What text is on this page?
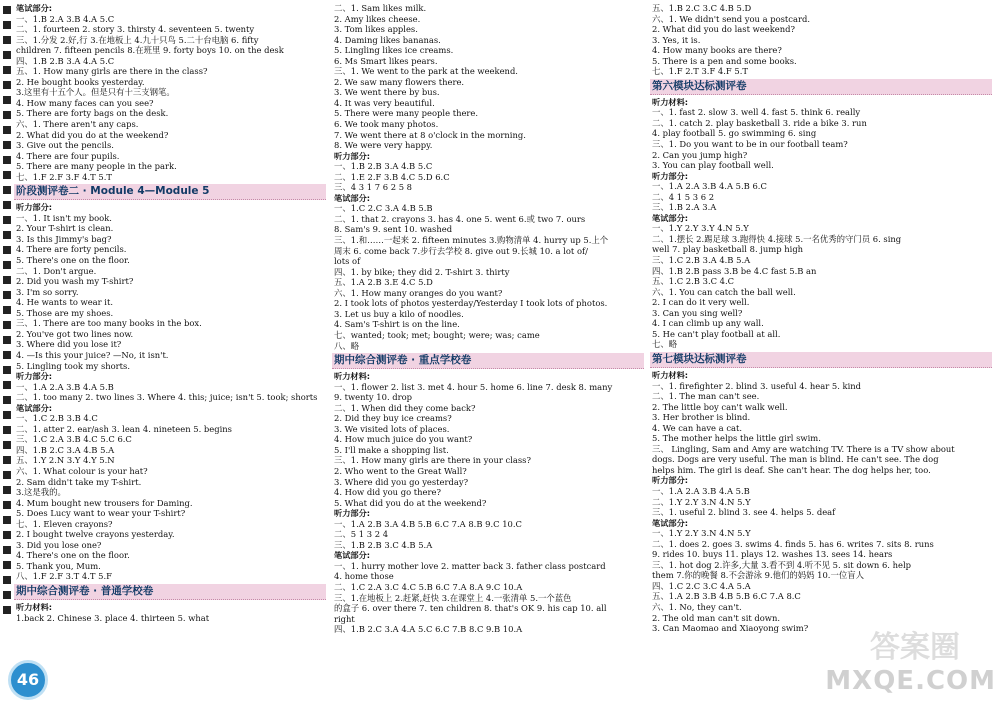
笔试部分:
一、1.B 2.A 3.B 4.A 5.C
二、1. fourteen 2. story 3. thirsty 4. seventeen 5. twenty
三、1.分发 2.好,行 3.在地板上 4.九十只鸟 5.二十台电脑 6. fifty
children 7. fifteen pencils 8.在班里 9. forty boys 10. on the desk
四、1.B 2.B 3.A 4.A 5.C
五、1. How many girls are there in the class?
2. He bought books yesterday.
3.这里有十五个人。但是只有十三支钢笔。
4. How many faces can you see?
5. There are forty bags on the desk.
六、1. There aren't any caps.
2. What did you do at the weekend?
3. Give out the pencils.
4. There are four pupils.
5. There are many people in the park.
七、1.F 2.F 3.F 4.T 5.T
阶段测评卷二 · Module 4—Module 5
听力部分:
一、1. It isn't my book.
2. Your T-shirt is clean.
3. Is this Jimmy's bag?
4. There are forty pencils.
5. There's one on the floor.
二、1. Don't argue.
2. Did you wash my T-shirt?
3. I'm so sorry.
4. He wants to wear it.
5. Those are my shoes.
三、1. There are too many books in the box.
2. You've got two lines now.
3. Where did you lose it?
4. —Is this your juice? —No, it isn't.
5. Lingling took my shorts.
听力部分:
一、1.A 2.A 3.B 4.A 5.B
二、1. too many 2. two lines 3. Where 4. this; juice; isn't 5. took; shorts
笔试部分:
一、1.C 2.B 3.B 4.C
二、1. atter 2. ear/ash 3. lean 4. nineteen 5. begins
三、1.C 2.A 3.B 4.C 5.C 6.C
四、1.B 2.C 3.A 4.B 5.A
五、1.Y 2.N 3.Y 4.Y 5.N
六、1. What colour is your hat?
2. Sam didn't take my T-shirt.
3.这是我的。
4. Mum bought new trousers for Daming.
5. Does Lucy want to wear your T-shirt?
七、1. Eleven crayons?
2. I bought twelve crayons yesterday.
3. Did you lose one?
4. There's one on the floor.
5. Thank you, Mum.
八、1.F 2.F 3.T 4.T 5.F
期中综合测评卷 · 普通学校卷
听力材料:
1.back 2. Chinese 3. place 4. thirteen 5. what
二、1. Sam likes milk.
2. Amy likes cheese.
3. Tom likes apples.
4. Daming likes bananas.
5. Lingling likes ice creams.
6. Ms Smart likes pears.
三、1. We went to the park at the weekend.
2. We saw many flowers there.
3. We went there by bus.
4. It was very beautiful.
5. There were many people there.
6. We took many photos.
7. We went there at 8 o'clock in the morning.
8. We were very happy.
听力部分:
一、1.B 2.B 3.A 4.B 5.C
二、1.E 2.F 3.B 4.C 5.D 6.C
三、4 3 1 7 6 2 5 8
笔试部分:
一、1.C 2.C 3.A 4.B 5.B
二、1. that 2. crayons 3. has 4. one 5. went 6.或 two 7. ours
8. Sam's 9. sent 10. washed
三、1.和……一起来 2. fifteen minutes 3.购物清单 4. hurry up 5.上个
周末 6. come back 7.步行去学校 8. give out 9.长城 10. a lot of/
lots of
四、1. by bike; they did 2. T-shirt 3. thirty
五、1.A 2.B 3.E 4.C 5.D
六、1. How many oranges do you want?
2. I took lots of photos yesterday/Yesterday I took lots of photos.
3. Let us buy a kilo of noodles.
4. Sam's T-shirt is on the line.
七、wanted; took; met; bought; were; was; came
八、略
期中综合测评卷 · 重点学校卷
听力材料:
一、1. flower 2. list 3. met 4. hour 5. home 6. line 7. desk 8. many
9. twenty 10. drop
二、1. When did they come back?
2. Did they buy ice creams?
3. We visited lots of places.
4. How much juice do you want?
5. I'll make a shopping list.
三、1. How many girls are there in your class?
2. Who went to the Great Wall?
3. Where did you go yesterday?
4. How did you go there?
5. What did you do at the weekend?
听力部分:
一、1.A 2.B 3.A 4.B 5.B 6.C 7.A 8.B 9.C 10.C
二、5 1 3 2 4
三、1.B 2.B 3.C 4.B 5.A
笔试部分:
一、1. hurry mother love 2. matter back 3. father class postcard
4. home those
二、1.C 2.A 3.C 4.C 5.B 6.C 7.A 8.A 9.C 10.A
三、1.在地板上 2.赶紧,赶快 3.在课堂上 4.一张清单 5.一个蓝色
的盒子 6. over there 7. ten children 8. that's OK 9. his cap 10. all
right
四、1.B 2.C 3.A 4.A 5.C 6.C 7.B 8.C 9.B 10.A
五、1.B 2.C 3.C 4.B 5.D
六、1. We didn't send you a postcard.
2. What did you do last weekend?
3. Yes, it is.
4. How many books are there?
5. There is a pen and some books.
七、1.F 2.T 3.F 4.F 5.T
第六模块达标测评卷
听力材料:
一、1. fast 2. slow 3. well 4. fast 5. think 6. really
二、1. catch 2. play basketball 3. ride a bike 3. run
4. play football 5. go swimming 6. sing
三、1. Do you want to be in our football team?
2. Can you jump high?
3. You can play football well.
听力部分:
一、1.A 2.A 3.B 4.A 5.B 6.C
二、4 1 5 3 6 2
三、1.B 2.A 3.A
笔试部分:
一、1.Y 2.Y 3.Y 4.N 5.Y
二、1.摆长 2.踢足球 3.跑得快 4.接球 5.一名优秀的守门员 6. sing
well 7. play basketball 8. jump high
三、1.C 2.B 3.A 4.B 5.A
四、1.B 2.B pass 3.B be 4.C fast 5.B an
五、1.C 2.B 3.C 4.C
六、1. You can catch the ball well.
2. I can do it very well.
3. Can you sing well?
4. I can climb up any wall.
5. He can't play football at all.
七、略
第七模块达标测评卷
听力材料:
一、1. firefighter 2. blind 3. useful 4. hear 5. kind
二、1. The man can't see.
2. The little boy can't walk well.
3. Her brother is blind.
4. We can have a cat.
5. The mother helps the little girl swim.
三、 Lingling, Sam and Amy are watching TV. There is a TV show about
dogs. Dogs are very useful. The man is blind. He can't see. The dog
helps him. The girl is deaf. She can't hear. The dog helps her, too.
听力部分:
一、1.A 2.A 3.B 4.A 5.B
二、1.Y 2.Y 3.N 4.N 5.Y
三、1. useful 2. blind 3. see 4. helps 5. deaf
笔试部分:
一、1.Y 2.Y 3.N 4.N 5.Y
二、1. does 2. goes 3. swims 4. finds 5. has 6. writes 7. sits 8. runs
9. rides 10. buys 11. plays 12. washes 13. sees 14. hears
三、1. hot dog 2.许多,大量 3.看不到 4.听不见 5. sit down 6. help
them 7.你的晚餐 8.不会游泳 9.他们的妈妈 10.一位盲人
四、1.C 2.C 3.C 4.A 5.A
五、1.A 2.B 3.B 4.B 5.B 6.C 7.A 8.C
六、1. No, they can't.
2. The old man can't sit down.
3. Can Maomao and Xiaoyong swim?
46
答案圈
MXQE.COM
